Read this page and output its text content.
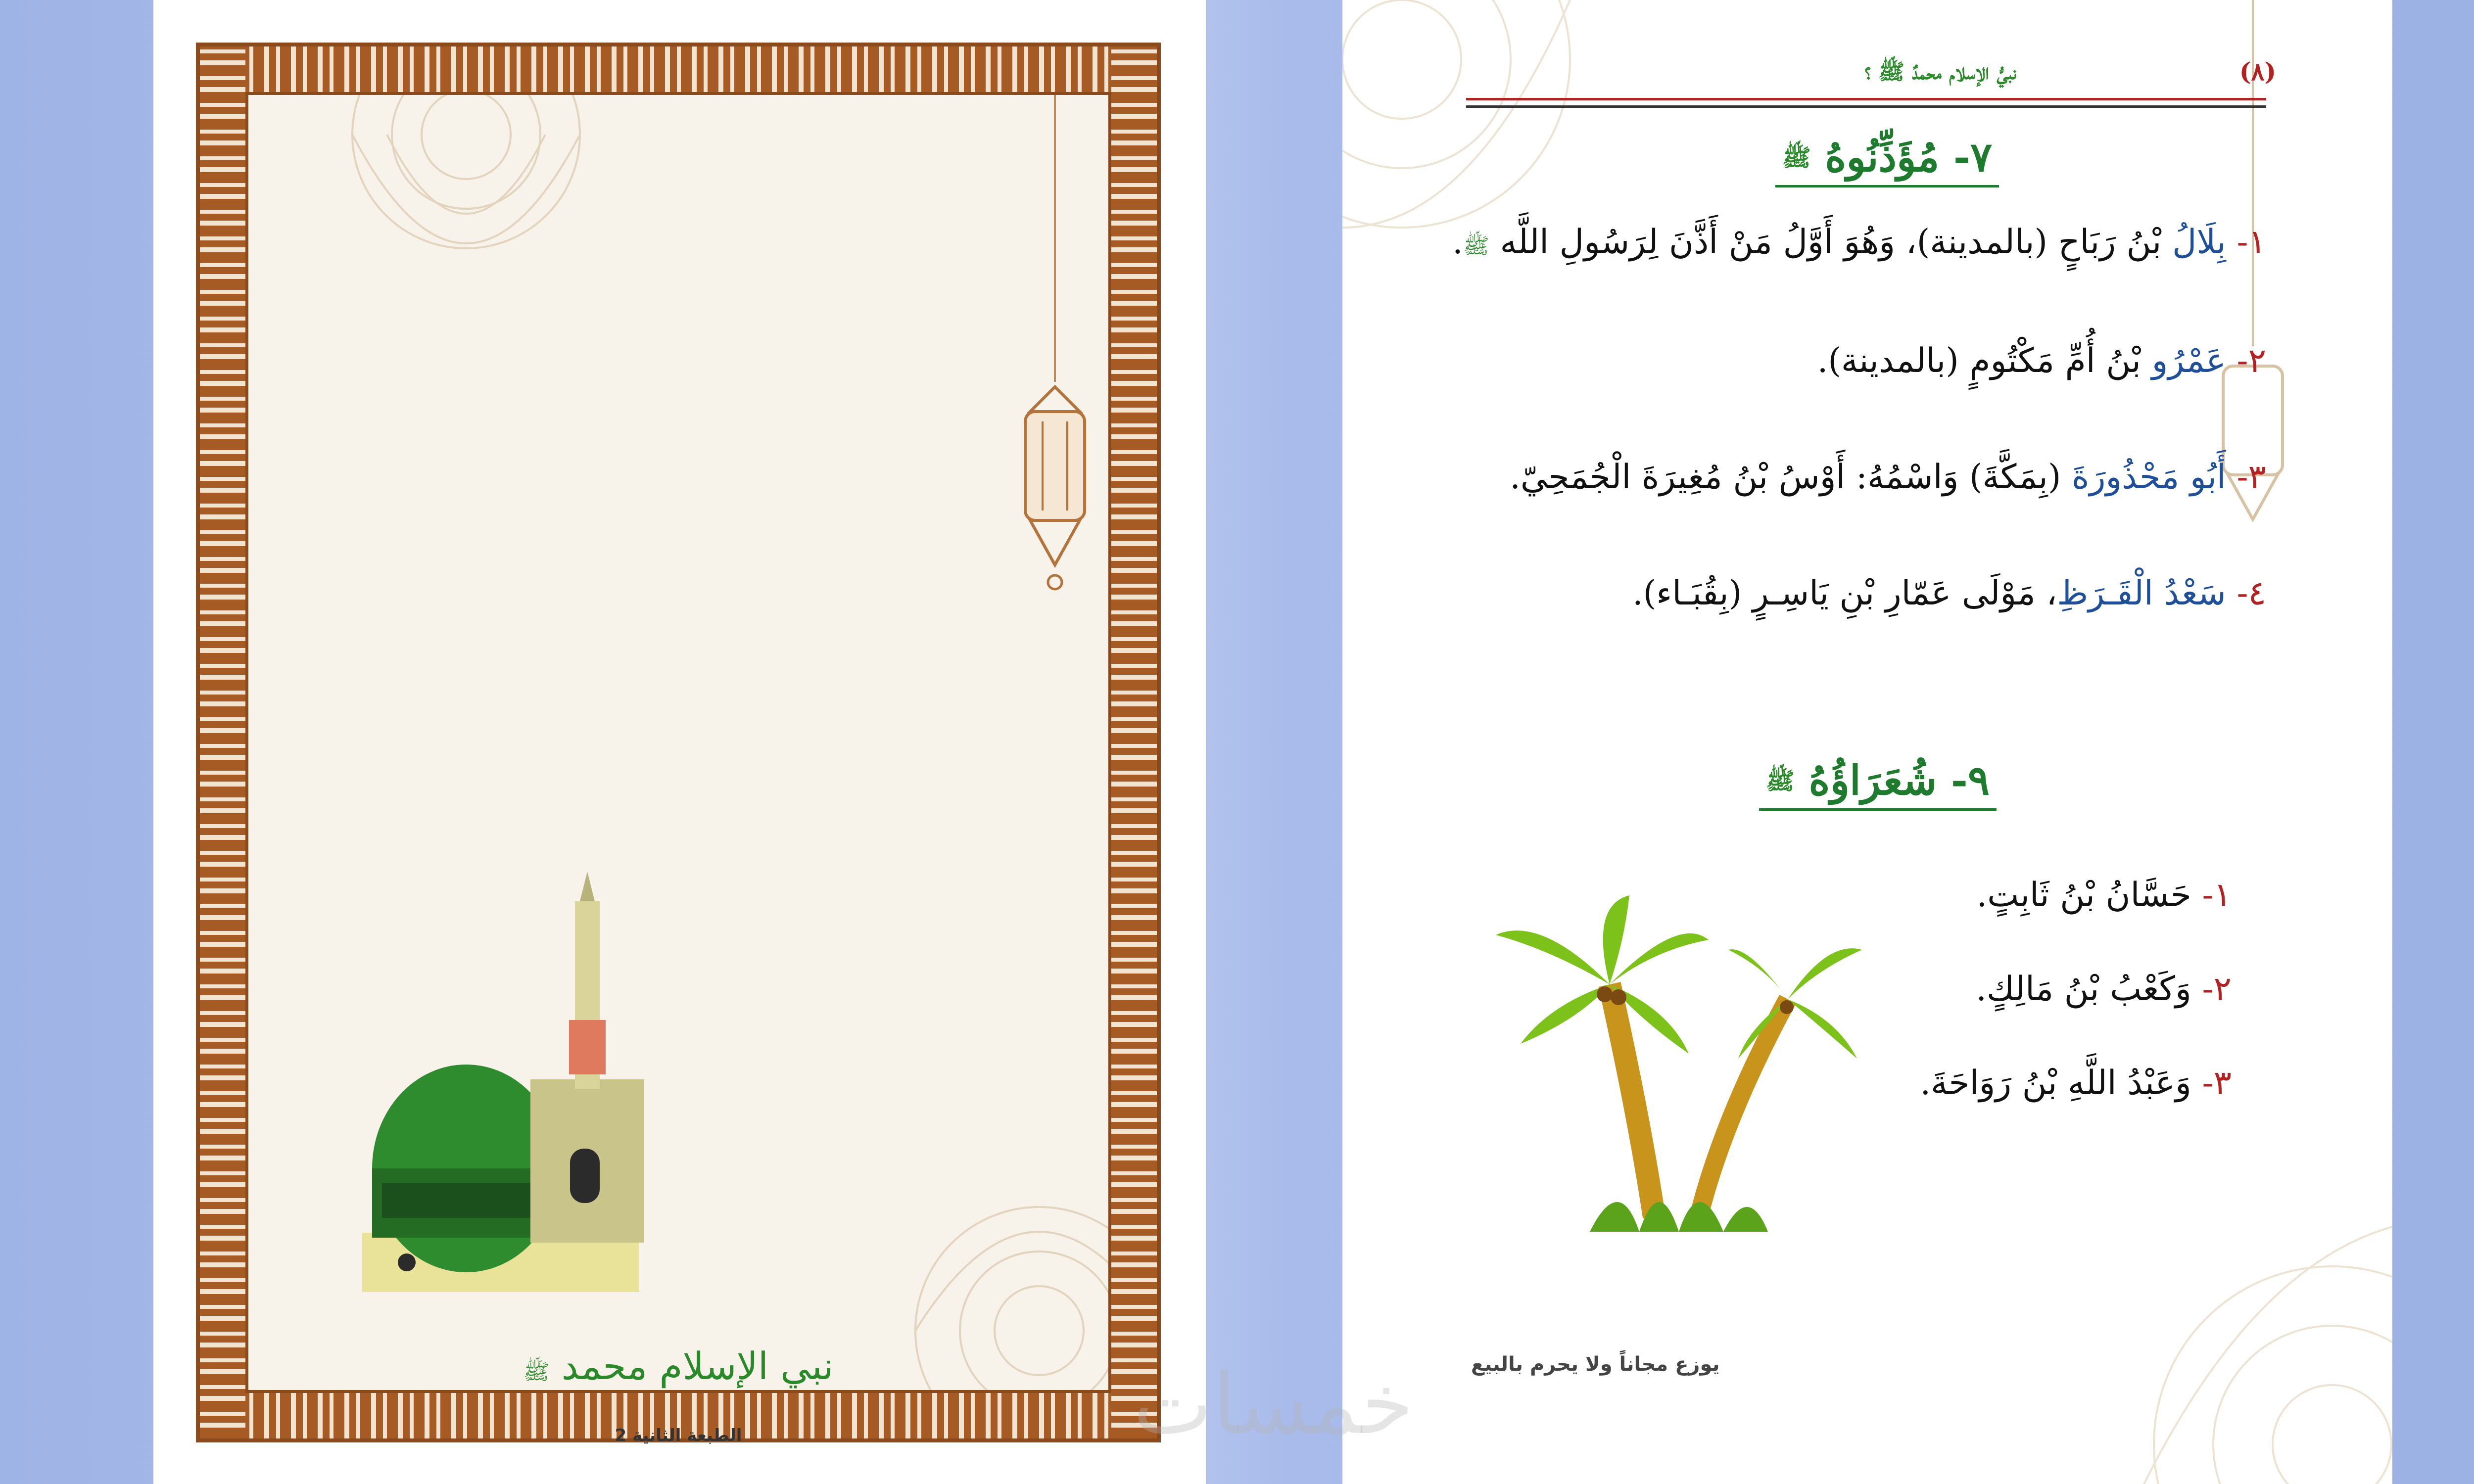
نبي الإسلام محمد ﷺ
الطبعة الثانية 2
(٨)
نبيُّ الإسلام محمدٌ ﷺ ؟
٧- مُؤَذِّنُوهُ ﷺ
١- بِلَالُ بْنُ رَبَاحٍ (بالمدينة)، وَهُوَ أَوَّلُ مَنْ أَذَّنَ لِرَسُولِ اللَّه ﷺ.
٢- عَمْرُو بْنُ أُمِّ مَكْتُومٍ (بالمدينة).
٣- أَبُو مَحْذُورَةَ (بِمَكَّةَ) وَاسْمُهُ: أَوْسُ بْنُ مُغِيرَةَ الْجُمَحِيّ.
٤- سَعْدُ الْقَـرَظِ، مَوْلَى عَمّارِ بْنِ يَاسِـرٍ (بِقُبَـاء).
٩- شُعَرَاؤُهُ ﷺ
١- حَسَّانُ بْنُ ثَابِتٍ.
٢- وَكَعْبُ بْنُ مَالِكٍ.
٣- وَعَبْدُ اللَّهِ بْنُ رَوَاحَةَ.
يوزع مجاناً ولا يحرم بالبيع
خمسات
